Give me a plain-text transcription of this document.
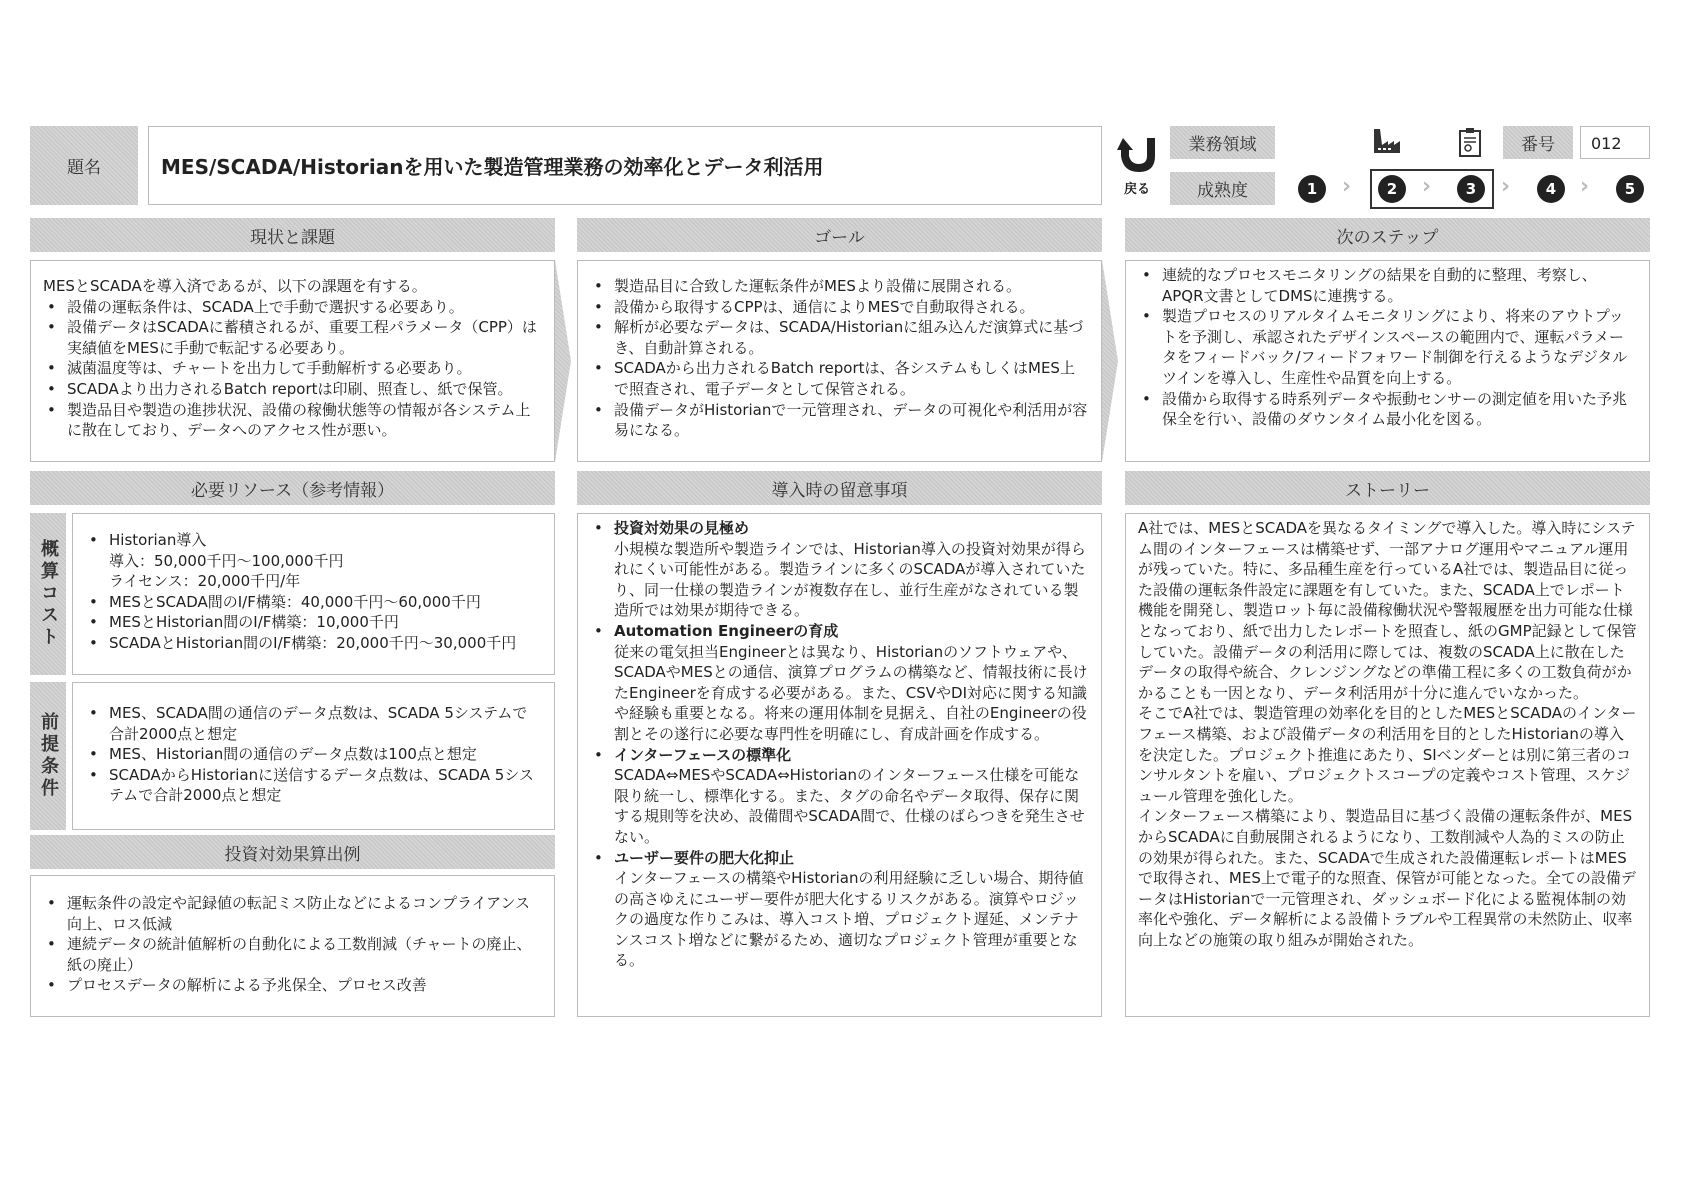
題名	MES/SCADA/Historianを用いた製造管理業務の効率化とデータ利活用
戻る
業務領域
成熟度
番号	012
1	›	2	›	3	›	4	›	5
現状と課題	ゴール	次のステップ
MESとSCADAを導入済であるが、以下の課題を有する。
• 設備の運転条件は、SCADA上で手動で選択する必要あり。
• 設備データはSCADAに蓄積されるが、重要工程パラメータ（CPP）は実績値をMESに手動で転記する必要あり。
• 滅菌温度等は、チャートを出力して手動解析する必要あり。
• SCADAより出力されるBatch reportは印刷、照査し、紙で保管。
• 製造品目や製造の進捗状況、設備の稼働状態等の情報が各システム上に散在しており、データへのアクセス性が悪い。
• 製造品目に合致した運転条件がMESより設備に展開される。
• 設備から取得するCPPは、通信によりMESで自動取得される。
• 解析が必要なデータは、SCADA/Historianに組み込んだ演算式に基づき、自動計算される。
• SCADAから出力されるBatch reportは、各システムもしくはMES上で照査され、電子データとして保管される。
• 設備データがHistorianで一元管理され、データの可視化や利活用が容易になる。
• 連続的なプロセスモニタリングの結果を自動的に整理、考察し、APQR文書としてDMSに連携する。
• 製造プロセスのリアルタイムモニタリングにより、将来のアウトプットを予測し、承認されたデザインスペースの範囲内で、運転パラメータをフィードバック/フィードフォワード制御を行えるようなデジタルツインを導入し、生産性や品質を向上する。
• 設備から取得する時系列データや振動センサーの測定値を用いた予兆保全を行い、設備のダウンタイム最小化を図る。
必要リソース（参考情報）	導入時の留意事項	ストーリー
概算コスト	• Historian導入
導入：50,000千円～100,000千円
ライセンス：20,000千円/年
• MESとSCADA間のI/F構築：40,000千円～60,000千円
• MESとHistorian間のI/F構築：10,000千円
• SCADAとHistorian間のI/F構築：20,000千円～30,000千円
前提条件	• MES、SCADA間の通信のデータ点数は、SCADA 5システムで合計2000点と想定
• MES、Historian間の通信のデータ点数は100点と想定
• SCADAからHistorianに送信するデータ点数は、SCADA 5システムで合計2000点と想定
投資対効果算出例
• 運転条件の設定や記録値の転記ミス防止などによるコンプライアンス向上、ロス低減
• 連続データの統計値解析の自動化による工数削減（チャートの廃止、紙の廃止）
• プロセスデータの解析による予兆保全、プロセス改善
• 投資対効果の見極め
小規模な製造所や製造ラインでは、Historian導入の投資対効果が得られにくい可能性がある。製造ラインに多くのSCADAが導入されていたり、同一仕様の製造ラインが複数存在し、並行生産がなされている製造所では効果が期待できる。
• Automation Engineerの育成
従来の電気担当Engineerとは異なり、Historianのソフトウェアや、SCADAやMESとの通信、演算プログラムの構築など、情報技術に長けたEngineerを育成する必要がある。また、CSVやDI対応に関する知識や経験も重要となる。将来の運用体制を見据え、自社のEngineerの役割とその遂行に必要な専門性を明確にし、育成計画を作成する。
• インターフェースの標準化
SCADA⇔MESやSCADA⇔Historianのインターフェース仕様を可能な限り統一し、標準化する。また、タグの命名やデータ取得、保存に関する規則等を決め、設備間やSCADA間で、仕様のばらつきを発生させない。
• ユーザー要件の肥大化抑止
インターフェースの構築やHistorianの利用経験に乏しい場合、期待値の高さゆえにユーザー要件が肥大化するリスクがある。演算やロジックの過度な作りこみは、導入コスト増、プロジェクト遅延、メンテナンスコスト増などに繋がるため、適切なプロジェクト管理が重要となる。
A社では、MESとSCADAを異なるタイミングで導入した。導入時にシステム間のインターフェースは構築せず、一部アナログ運用やマニュアル運用が残っていた。特に、多品種生産を行っているA社では、製造品目に従った設備の運転条件設定に課題を有していた。また、SCADA上でレポート機能を開発し、製造ロット毎に設備稼働状況や警報履歴を出力可能な仕様となっており、紙で出力したレポートを照査し、紙のGMP記録として保管していた。設備データの利活用に際しては、複数のSCADA上に散在したデータの取得や統合、クレンジングなどの準備工程に多くの工数負荷がかかることも一因となり、データ利活用が十分に進んでいなかった。
そこでA社では、製造管理の効率化を目的としたMESとSCADAのインターフェース構築、および設備データの利活用を目的としたHistorianの導入を決定した。プロジェクト推進にあたり、SIベンダーとは別に第三者のコンサルタントを雇い、プロジェクトスコープの定義やコスト管理、スケジュール管理を強化した。
インターフェース構築により、製造品目に基づく設備の運転条件が、MESからSCADAに自動展開されるようになり、工数削減や人為的ミスの防止の効果が得られた。また、SCADAで生成された設備運転レポートはMESで取得され、MES上で電子的な照査、保管が可能となった。全ての設備データはHistorianで一元管理され、ダッシュボード化による監視体制の効率化や強化、データ解析による設備トラブルや工程異常の未然防止、収率向上などの施策の取り組みが開始された。
